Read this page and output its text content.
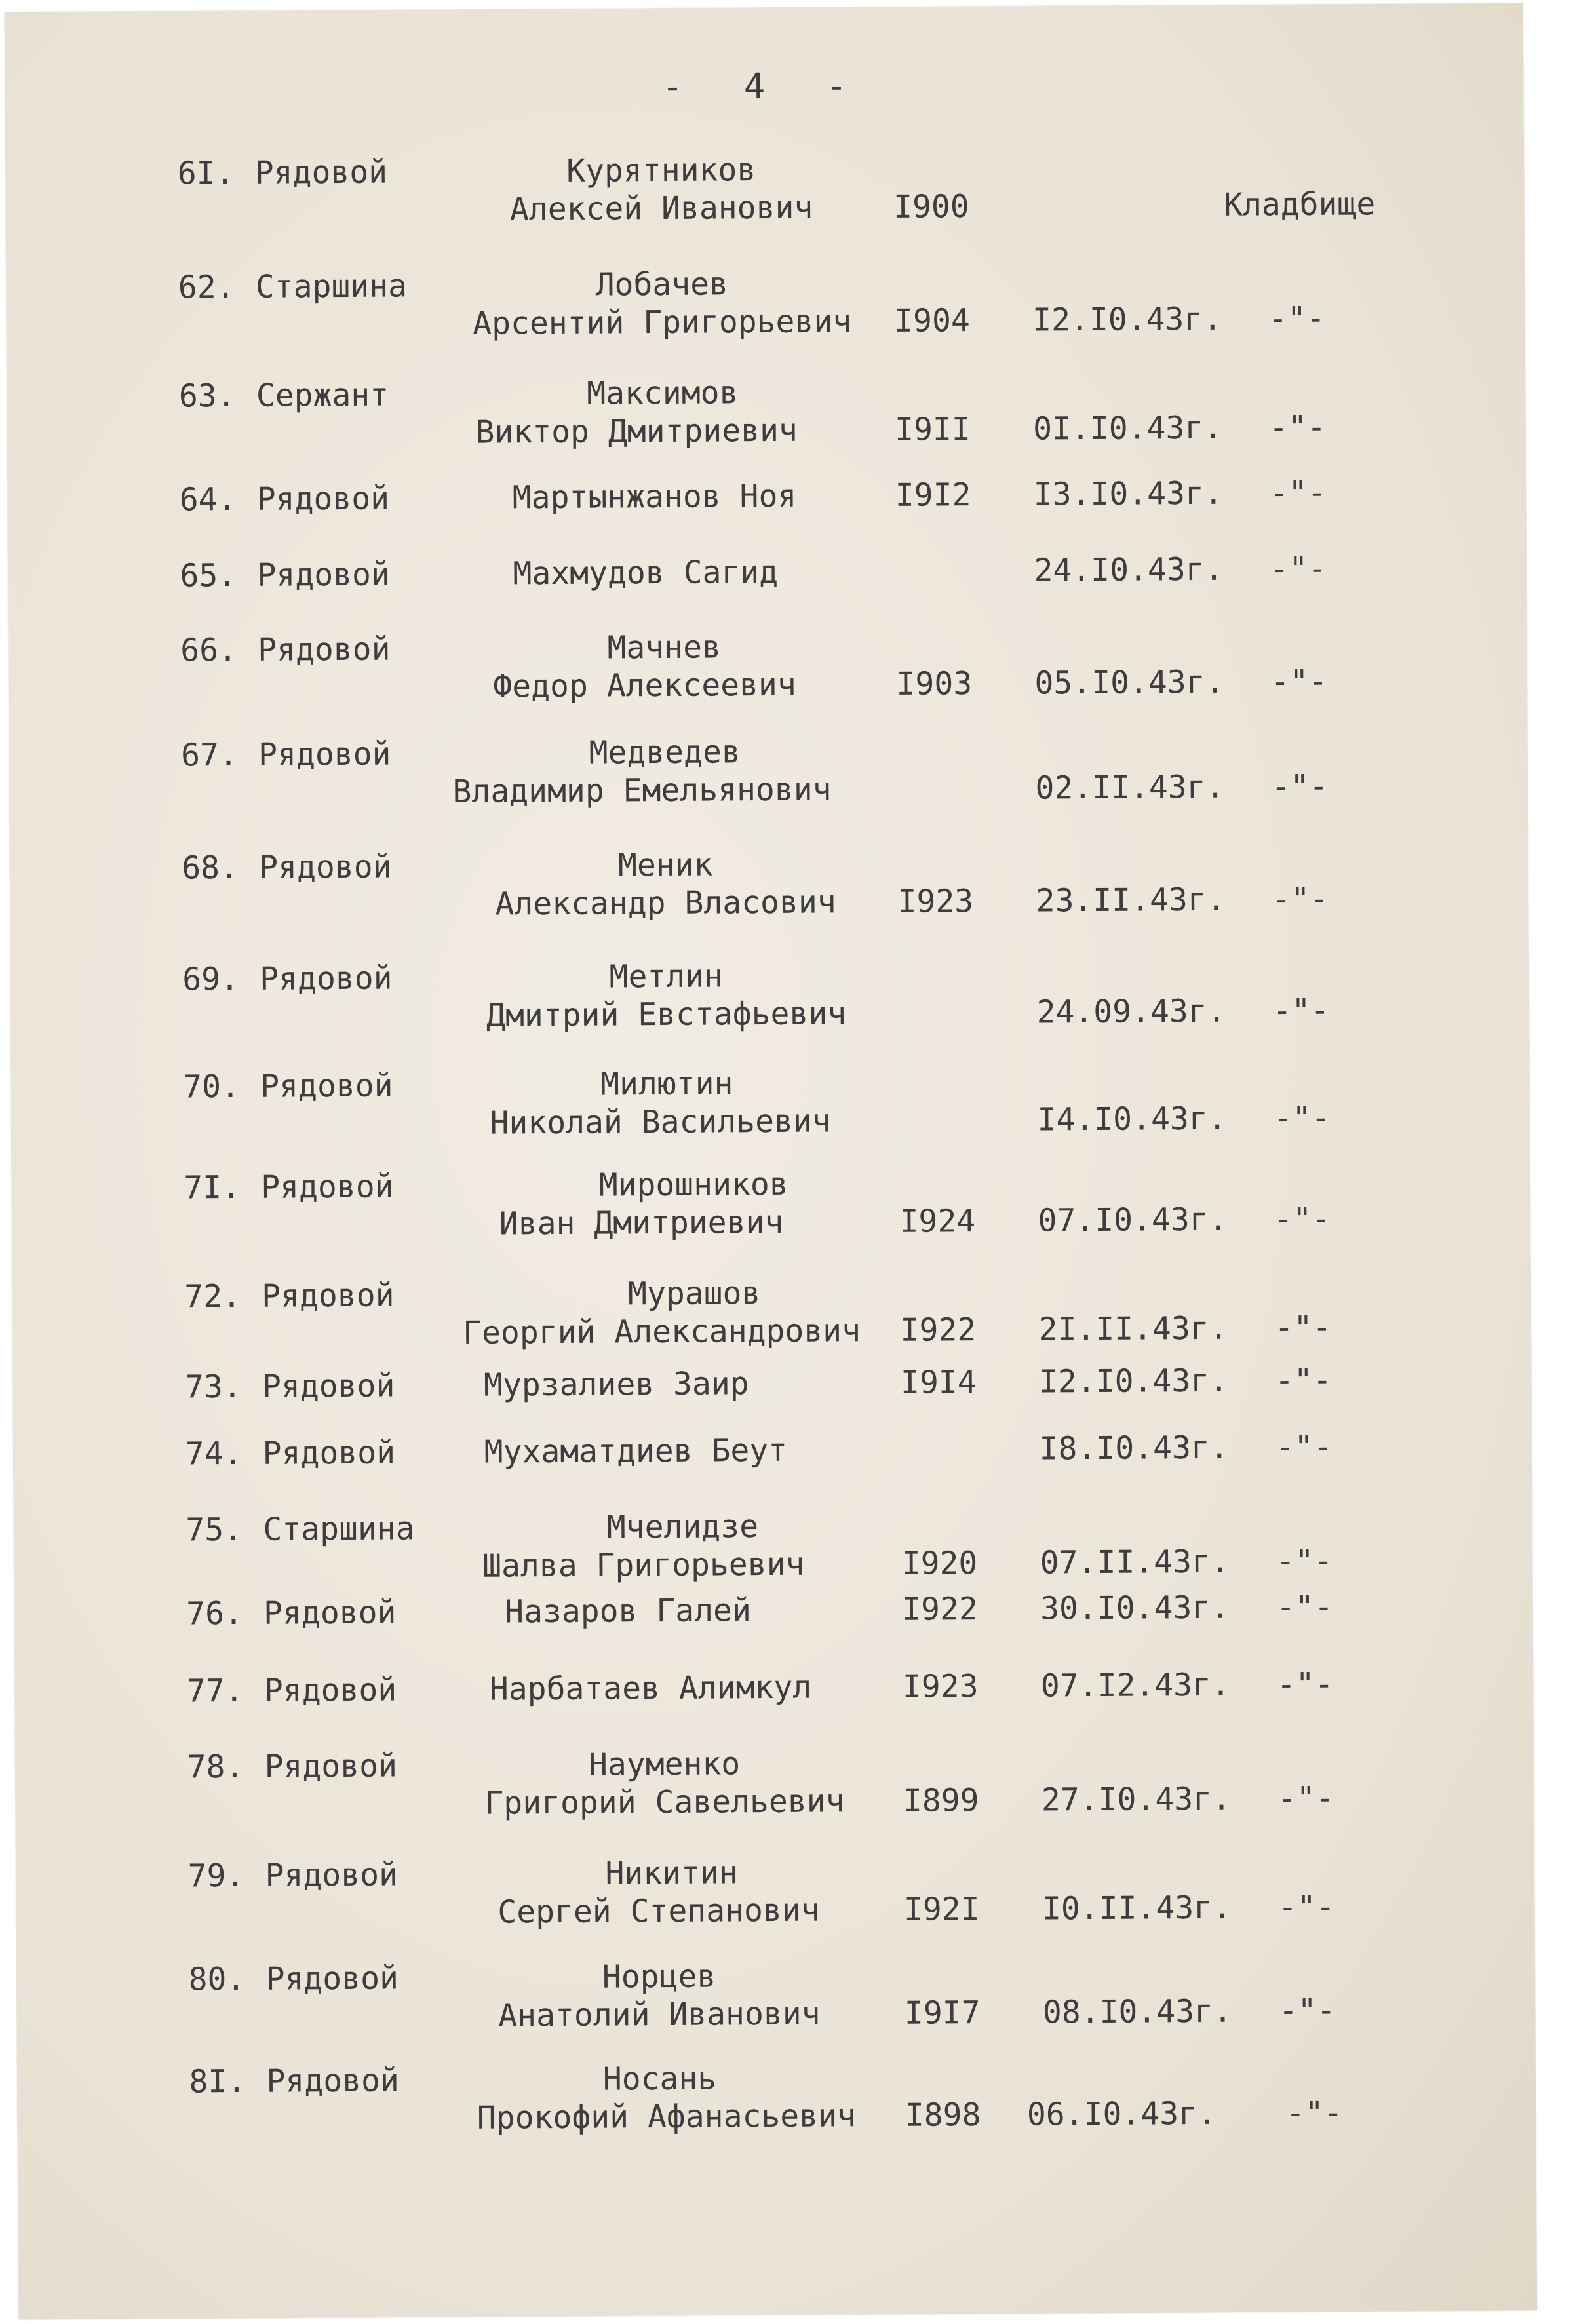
- 4 -
6I. Рядовой	Курятников
Алексей Иванович	I900	Кладбище
62. Старшина	Лобачев
Арсентий Григорьевич	I904 I2.I0.43г. -"-
63. Сержант	Максимов
Виктор Дмитриевич	I9II 0I.I0.43г. -"-
64. Рядовой	Мартынжанов Ноя	I9I2 I3.I0.43г. -"-
65. Рядовой	Махмудов Сагид	24.I0.43г. -"-
66. Рядовой	Мачнев
Федор Алексеевич	I903 05.I0.43г. -"-
67. Рядовой	Медведев
Владимир Емельянович	02.II.43г. -"-
68. Рядовой	Меник
Александр Власович	I923 23.II.43г. -"-
69. Рядовой	Метлин
Дмитрий Евстафьевич	24.09.43г. -"-
70. Рядовой	Милютин
Николай Васильевич	I4.I0.43г. -"-
7I. Рядовой	Мирошников
Иван Дмитриевич	I924 07.I0.43г. -"-
72. Рядовой	Мурашов
Георгий Александрович	I922 2I.II.43г. -"-
73. Рядовой	Мурзалиев Заир	I9I4 I2.I0.43г. -"-
74. Рядовой	Мухаматдиев Беут	I8.I0.43г. -"-
75. Старшина	Мчелидзе
Шалва Григорьевич	I920 07.II.43г. -"-
76. Рядовой	Назаров Галей	I922 30.I0.43г. -"-
77. Рядовой	Нарбатаев Алимкул	I923 07.I2.43г. -"-
78. Рядовой	Науменко
Григорий Савельевич	I899 27.I0.43г. -"-
79. Рядовой	Никитин
Сергей Степанович	I92I I0.II.43г. -"-
80. Рядовой	Норцев
Анатолий Иванович	I9I7 08.I0.43г. -"-
8I. Рядовой	Носань
Прокофий Афанасьевич	I898 06.I0.43г. -"-
